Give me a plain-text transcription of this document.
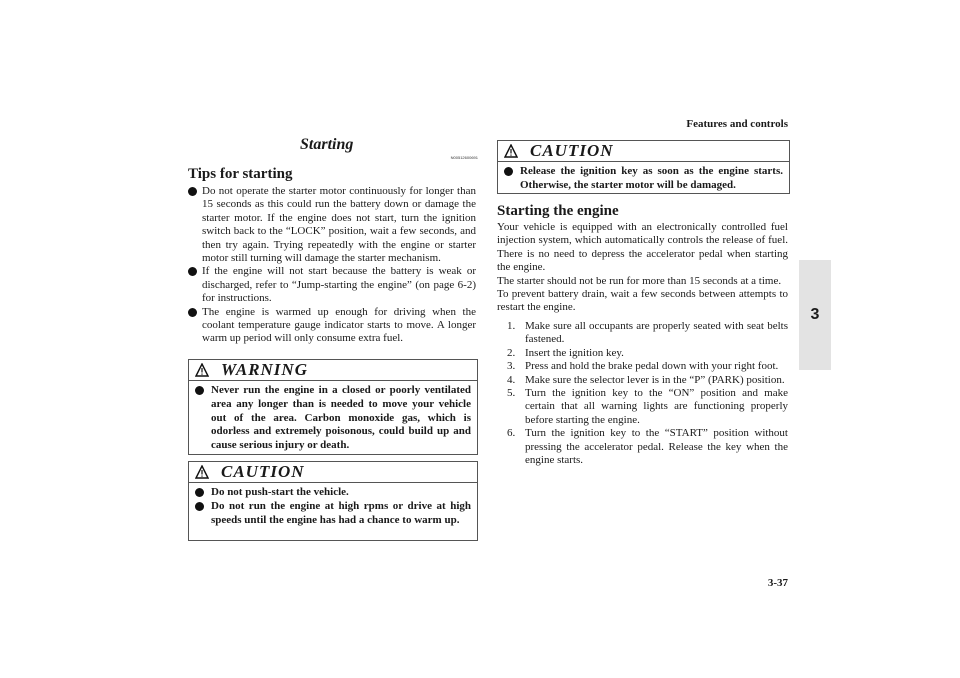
Features and controls
3
Starting
N00512600691
Tips for starting

Do not operate the starter motor continuously for longer than 15 seconds as this could run the battery down or damage the starter motor. If the engine does not start, turn the ignition switch back to the “LOCK” position, wait a few seconds, and then try again. Trying repeatedly with the engine or starter motor still turning will damage the starter mechanism.

If the engine will not start because the battery is weak or discharged, refer to “Jump-starting the engine” (on page 6-2) for instructions.

The engine is warmed up enough for driving when the coolant temperature gauge indicator starts to move. A longer warm up period will only consume extra fuel.

WARNING

Never run the engine in a closed or poorly ventilated area any longer than is needed to move your vehicle out of the area. Carbon monoxide gas, which is odorless and extremely poisonous, could build up and cause serious injury or death.

CAUTION

Do not push-start the vehicle.

Do not run the engine at high rpms or drive at high speeds until the engine has had a chance to warm up.

CAUTION

Release the ignition key as soon as the engine starts. Otherwise, the starter motor will be damaged.

Starting the engine

Your vehicle is equipped with an electronically controlled fuel injection system, which automatically controls the release of fuel. There is no need to depress the accelerator pedal when starting the engine.

The starter should not be run for more than 15 seconds at a time.

To prevent battery drain, wait a few seconds between attempts to restart the engine.

1. Make sure all occupants are properly seated with seat belts fastened.

2. Insert the ignition key.

3. Press and hold the brake pedal down with your right foot.

4. Make sure the selector lever is in the “P” (PARK) position.

5. Turn the ignition key to the “ON” position and make certain that all warning lights are functioning properly before starting the engine.

6. Turn the ignition key to the “START” position without pressing the accelerator pedal. Release the key when the engine starts.

3-37
